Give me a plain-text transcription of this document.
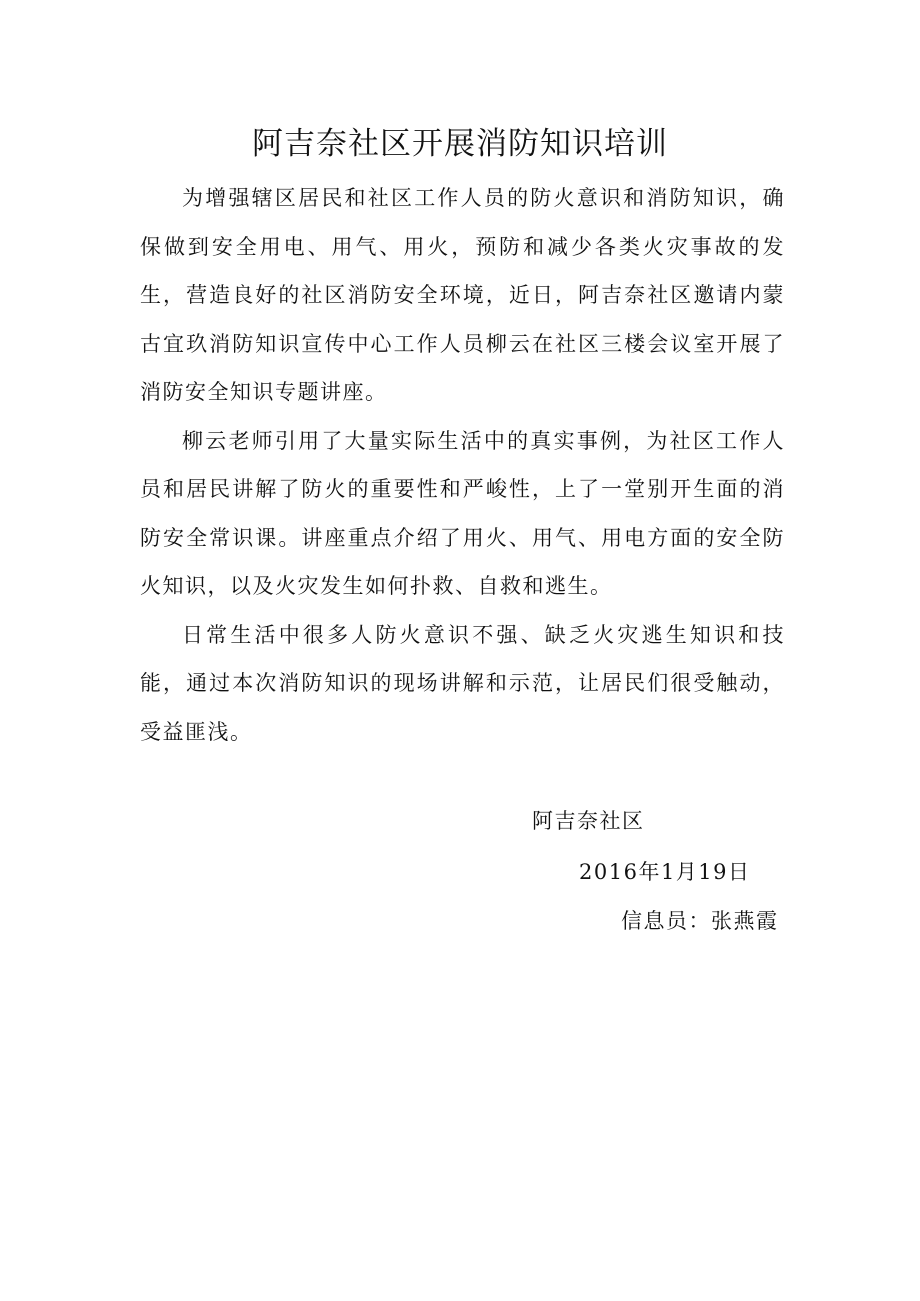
阿吉奈社区开展消防知识培训

为增强辖区居民和社区工作人员的防火意识和消防知识，确保做到安全用电、用气、用火，预防和减少各类火灾事故的发生，营造良好的社区消防安全环境，近日，阿吉奈社区邀请内蒙古宜玖消防知识宣传中心工作人员柳云在社区三楼会议室开展了消防安全知识专题讲座。

柳云老师引用了大量实际生活中的真实事例，为社区工作人员和居民讲解了防火的重要性和严峻性，上了一堂别开生面的消防安全常识课。讲座重点介绍了用火、用气、用电方面的安全防火知识，以及火灾发生如何扑救、自救和逃生。

日常生活中很多人防火意识不强、缺乏火灾逃生知识和技能，通过本次消防知识的现场讲解和示范，让居民们很受触动，受益匪浅。

阿吉奈社区
2016年1月19日
信息员：张燕霞
